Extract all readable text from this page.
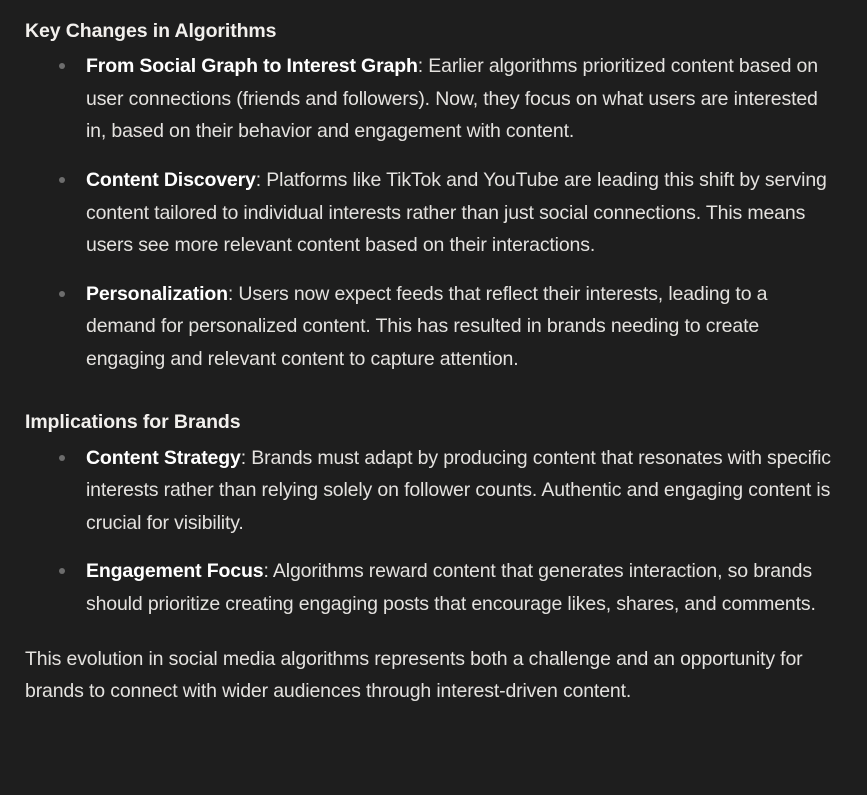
Key Changes in Algorithms
From Social Graph to Interest Graph: Earlier algorithms prioritized content based on user connections (friends and followers). Now, they focus on what users are interested in, based on their behavior and engagement with content.
Content Discovery: Platforms like TikTok and YouTube are leading this shift by serving content tailored to individual interests rather than just social connections. This means users see more relevant content based on their interactions.
Personalization: Users now expect feeds that reflect their interests, leading to a demand for personalized content. This has resulted in brands needing to create engaging and relevant content to capture attention.
Implications for Brands
Content Strategy: Brands must adapt by producing content that resonates with specific interests rather than relying solely on follower counts. Authentic and engaging content is crucial for visibility.
Engagement Focus: Algorithms reward content that generates interaction, so brands should prioritize creating engaging posts that encourage likes, shares, and comments.

This evolution in social media algorithms represents both a challenge and an opportunity for brands to connect with wider audiences through interest-driven content.
